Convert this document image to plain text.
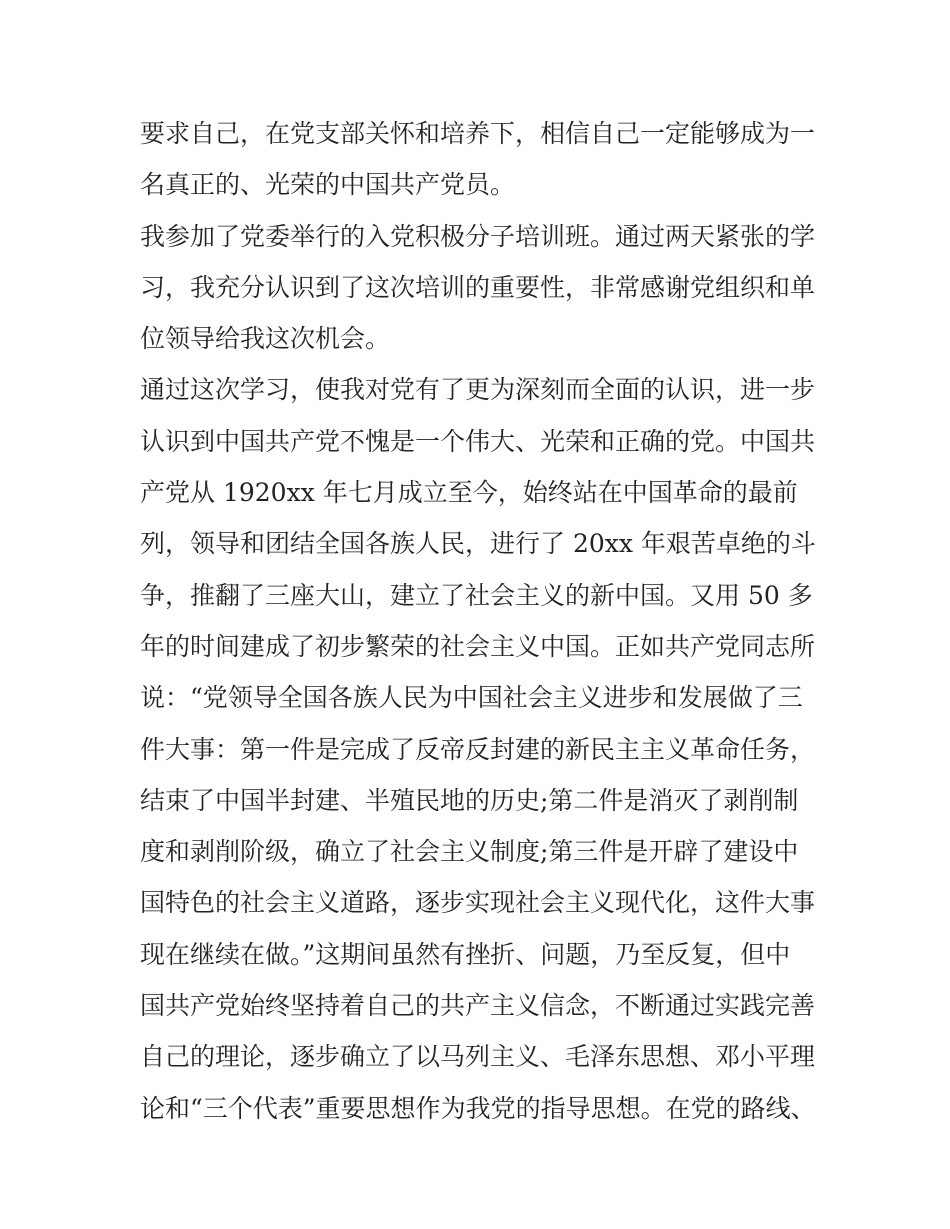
要求自己，在党支部关怀和培养下，相信自己一定能够成为一
名真正的、光荣的中国共产党员。
我参加了党委举行的入党积极分子培训班。通过两天紧张的学
习，我充分认识到了这次培训的重要性，非常感谢党组织和单
位领导给我这次机会。
通过这次学习，使我对党有了更为深刻而全面的认识，进一步
认识到中国共产党不愧是一个伟大、光荣和正确的党。中国共
产党从 1920xx 年七月成立至今，始终站在中国革命的最前
列，领导和团结全国各族人民，进行了 20xx 年艰苦卓绝的斗
争，推翻了三座大山，建立了社会主义的新中国。又用 50 多
年的时间建成了初步繁荣的社会主义中国。正如共产党同志所
说：“党领导全国各族人民为中国社会主义进步和发展做了三
件大事：第一件是完成了反帝反封建的新民主主义革命任务，
结束了中国半封建、半殖民地的历史;第二件是消灭了剥削制
度和剥削阶级，确立了社会主义制度;第三件是开辟了建设中
国特色的社会主义道路，逐步实现社会主义现代化，这件大事
现在继续在做。”这期间虽然有挫折、问题，乃至反复，但中
国共产党始终坚持着自己的共产主义信念，不断通过实践完善
自己的理论，逐步确立了以马列主义、毛泽东思想、邓小平理
论和“三个代表”重要思想作为我党的指导思想。在党的路线、
